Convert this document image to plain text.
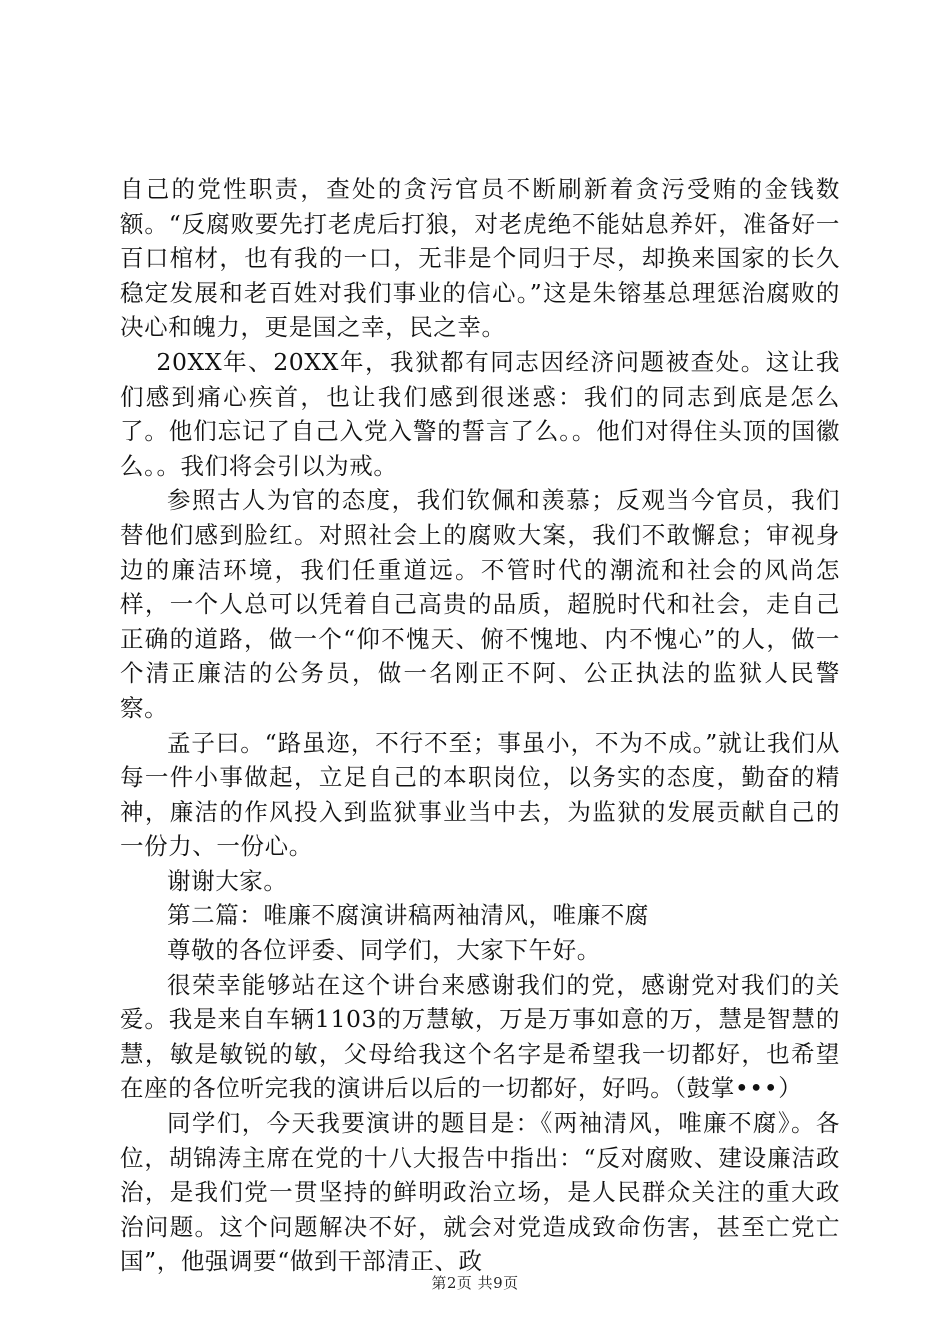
自己的党性职责，查处的贪污官员不断刷新着贪污受贿的金钱数额。“反腐败要先打老虎后打狼，对老虎绝不能姑息养奸，准备好一百口棺材，也有我的一口，无非是个同归于尽，却换来国家的长久稳定发展和老百姓对我们事业的信心。”这是朱镕基总理惩治腐败的决心和魄力，更是国之幸，民之幸。

20XX年、20XX年，我狱都有同志因经济问题被查处。这让我们感到痛心疾首，也让我们感到很迷惑：我们的同志到底是怎么了。他们忘记了自己入党入警的誓言了么。。他们对得住头顶的国徽么。。我们将会引以为戒。

参照古人为官的态度，我们钦佩和羡慕；反观当今官员，我们替他们感到脸红。对照社会上的腐败大案，我们不敢懈怠；审视身边的廉洁环境，我们任重道远。不管时代的潮流和社会的风尚怎样，一个人总可以凭着自己高贵的品质，超脱时代和社会，走自己正确的道路，做一个“仰不愧天、俯不愧地、内不愧心”的人，做一个清正廉洁的公务员，做一名刚正不阿、公正执法的监狱人民警察。

孟子曰。“路虽迩，不行不至；事虽小，不为不成。”就让我们从每一件小事做起，立足自己的本职岗位，以务实的态度，勤奋的精神，廉洁的作风投入到监狱事业当中去，为监狱的发展贡献自己的一份力、一份心。

谢谢大家。

第二篇：唯廉不腐演讲稿两袖清风，唯廉不腐

尊敬的各位评委、同学们，大家下午好。

很荣幸能够站在这个讲台来感谢我们的党，感谢党对我们的关爱。我是来自车辆1103的万慧敏，万是万事如意的万，慧是智慧的慧，敏是敏锐的敏，父母给我这个名字是希望我一切都好，也希望在座的各位听完我的演讲后以后的一切都好，好吗。（鼓掌•••）

同学们，今天我要演讲的题目是：《两袖清风，唯廉不腐》。各位，胡锦涛主席在党的十八大报告中指出：“反对腐败、建设廉洁政治，是我们党一贯坚持的鲜明政治立场，是人民群众关注的重大政治问题。这个问题解决不好，就会对党造成致命伤害，甚至亡党亡国”，他强调要“做到干部清正、政

第2页 共9页
